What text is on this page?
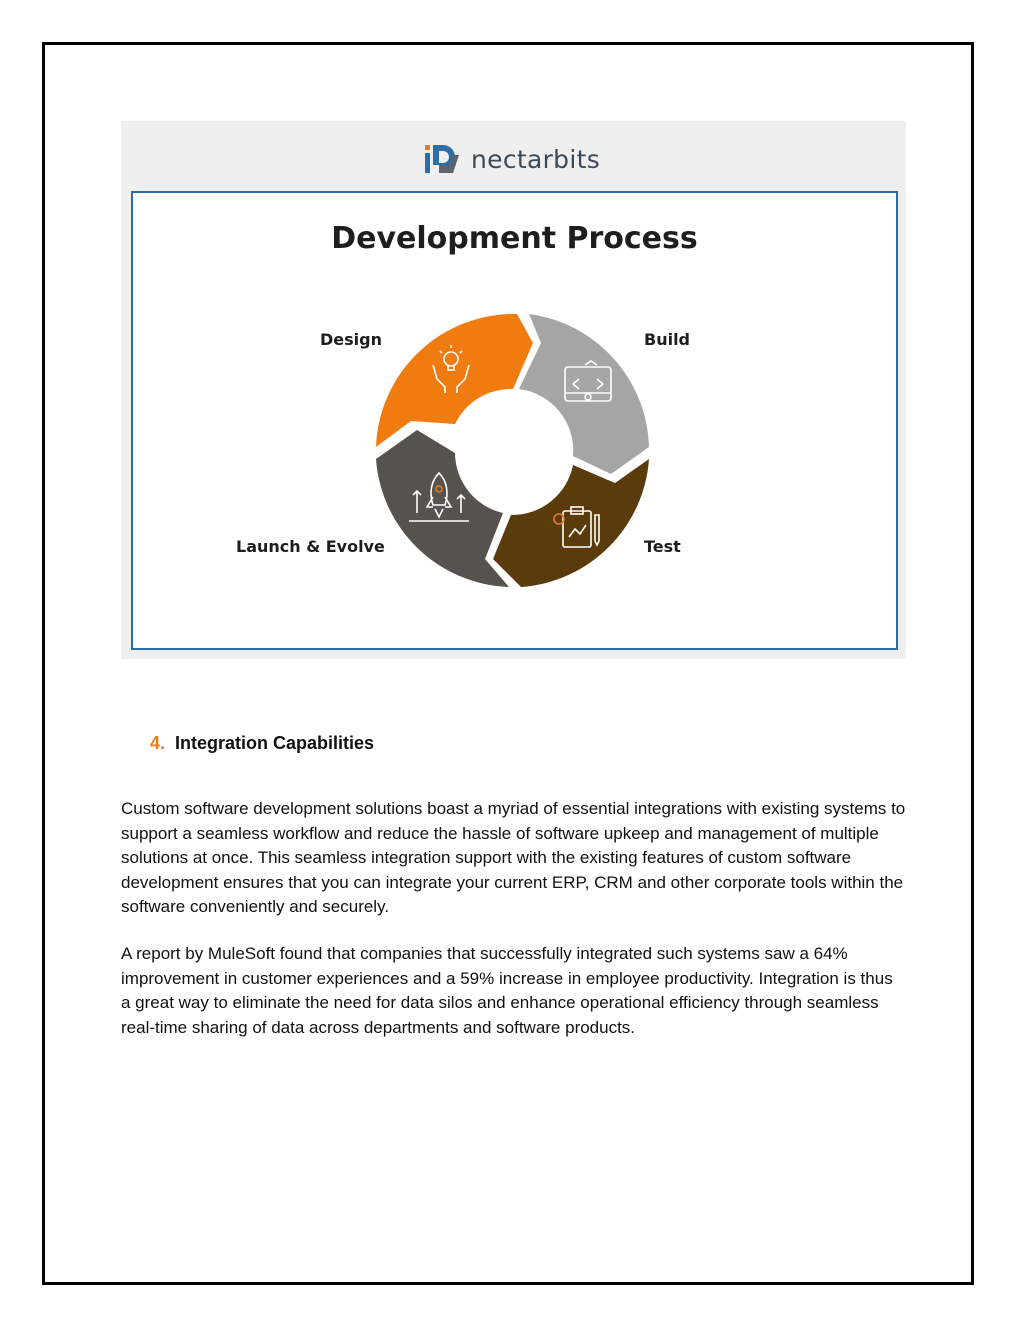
nectarbits
Development Process
Design	Build
Test
Launch & Evolve
4. Integration Capabilities

Custom software development solutions boast a myriad of essential integrations with existing systems to support a seamless workflow and reduce the hassle of software upkeep and management of multiple solutions at once. This seamless integration support with the existing features of custom software development ensures that you can integrate your current ERP, CRM and other corporate tools within the software conveniently and securely.

A report by MuleSoft found that companies that successfully integrated such systems saw a 64% improvement in customer experiences and a 59% increase in employee productivity. Integration is thus a great way to eliminate the need for data silos and enhance operational efficiency through seamless real-time sharing of data across departments and software products.
